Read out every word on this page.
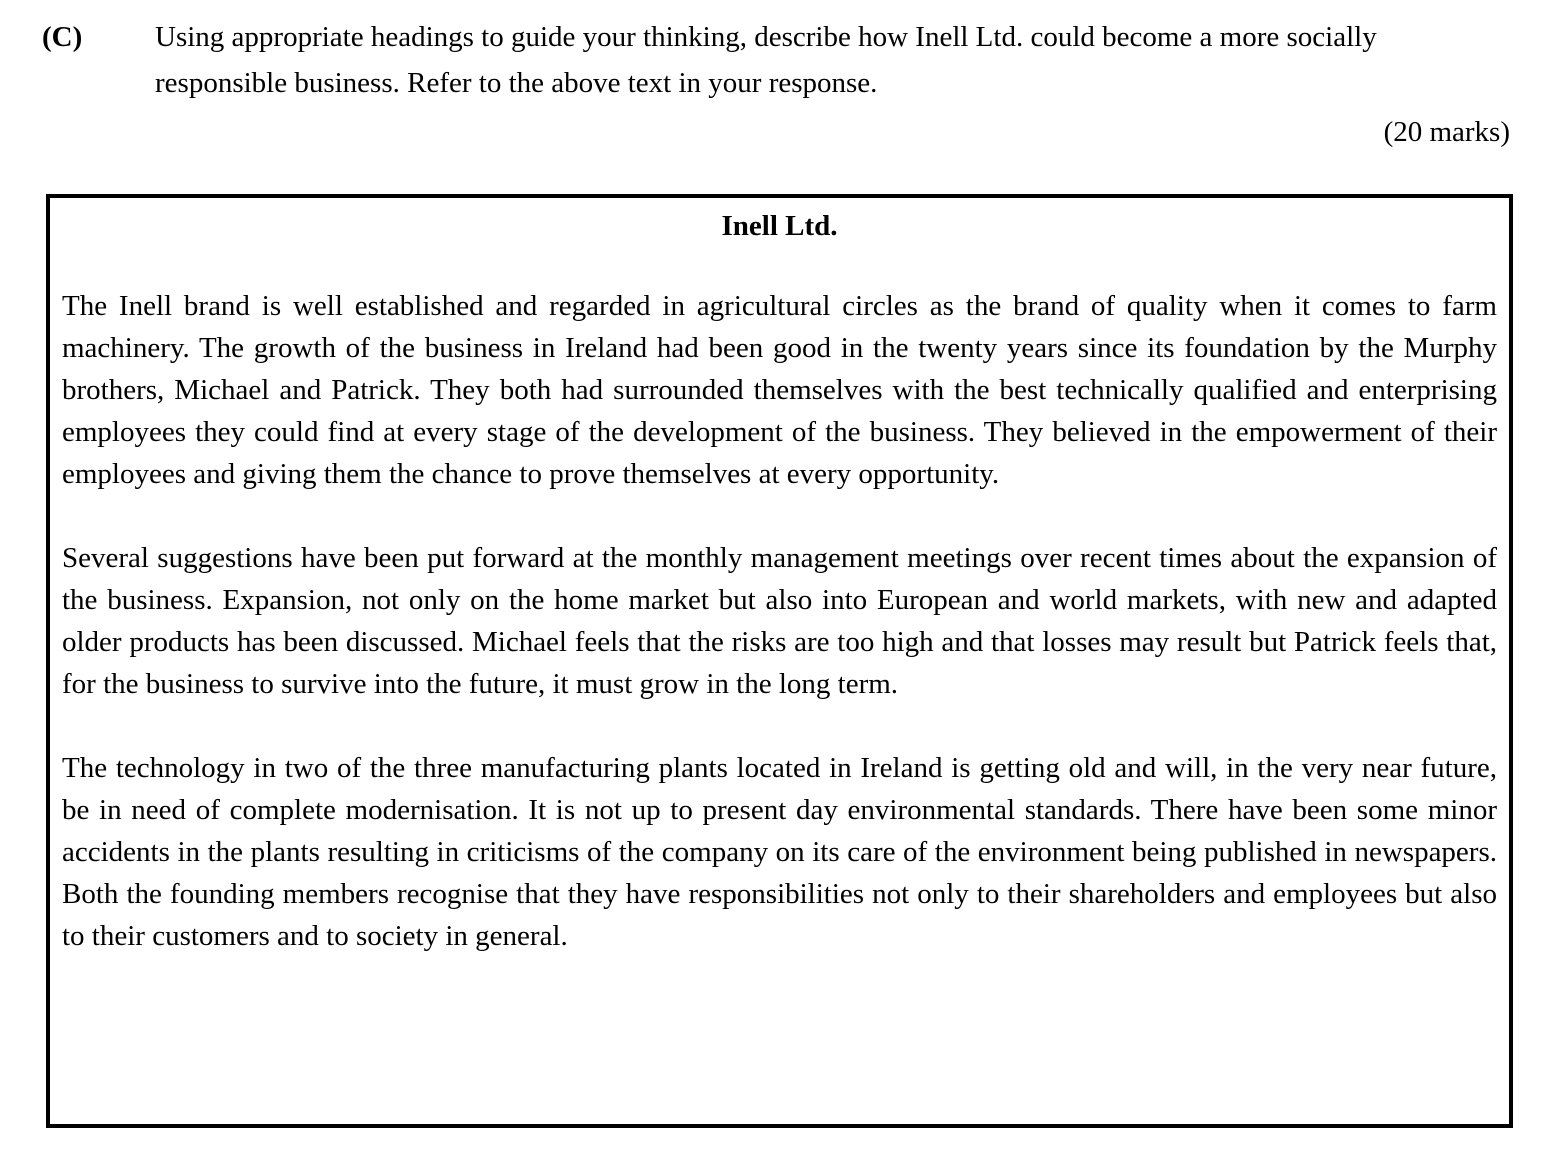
(C)	Using appropriate headings to guide your thinking, describe how Inell Ltd. could become a more socially responsible business. Refer to the above text in your response.
(20 marks)
Inell Ltd.

The Inell brand is well established and regarded in agricultural circles as the brand of quality when it comes to farm machinery. The growth of the business in Ireland had been good in the twenty years since its foundation by the Murphy brothers, Michael and Patrick. They both had surrounded themselves with the best technically qualified and enterprising employees they could find at every stage of the development of the business. They believed in the empowerment of their employees and giving them the chance to prove themselves at every opportunity.

Several suggestions have been put forward at the monthly management meetings over recent times about the expansion of the business. Expansion, not only on the home market but also into European and world markets, with new and adapted older products has been discussed. Michael feels that the risks are too high and that losses may result but Patrick feels that, for the business to survive into the future, it must grow in the long term.

The technology in two of the three manufacturing plants located in Ireland is getting old and will, in the very near future, be in need of complete modernisation. It is not up to present day environmental standards. There have been some minor accidents in the plants resulting in criticisms of the company on its care of the environment being published in newspapers. Both the founding members recognise that they have responsibilities not only to their shareholders and employees but also to their customers and to society in general.
